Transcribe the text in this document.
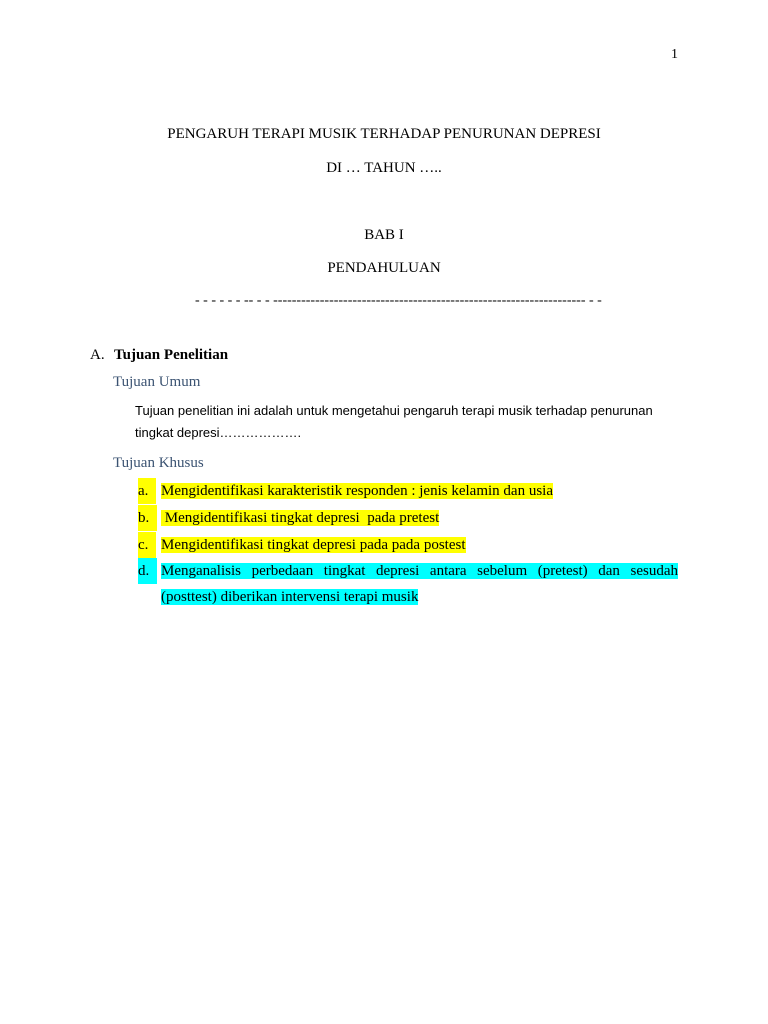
1
PENGARUH TERAPI MUSIK TERHADAP PENURUNAN DEPRESI
DI … TAHUN …..
BAB I
PENDAHULUAN
- - - - - - -- - - ------------------------------------------------------------------- - -
A. Tujuan Penelitian
Tujuan Umum
Tujuan penelitian ini adalah untuk mengetahui pengaruh terapi musik terhadap penurunan tingkat depresi……………….
Tujuan Khusus
a. Mengidentifikasi karakteristik responden : jenis kelamin dan usia
b. Mengidentifikasi tingkat depresi  pada pretest
c. Mengidentifikasi tingkat depresi pada pada postest
d. Menganalisis perbedaan tingkat depresi antara sebelum (pretest) dan sesudah (posttest) diberikan intervensi terapi musik
